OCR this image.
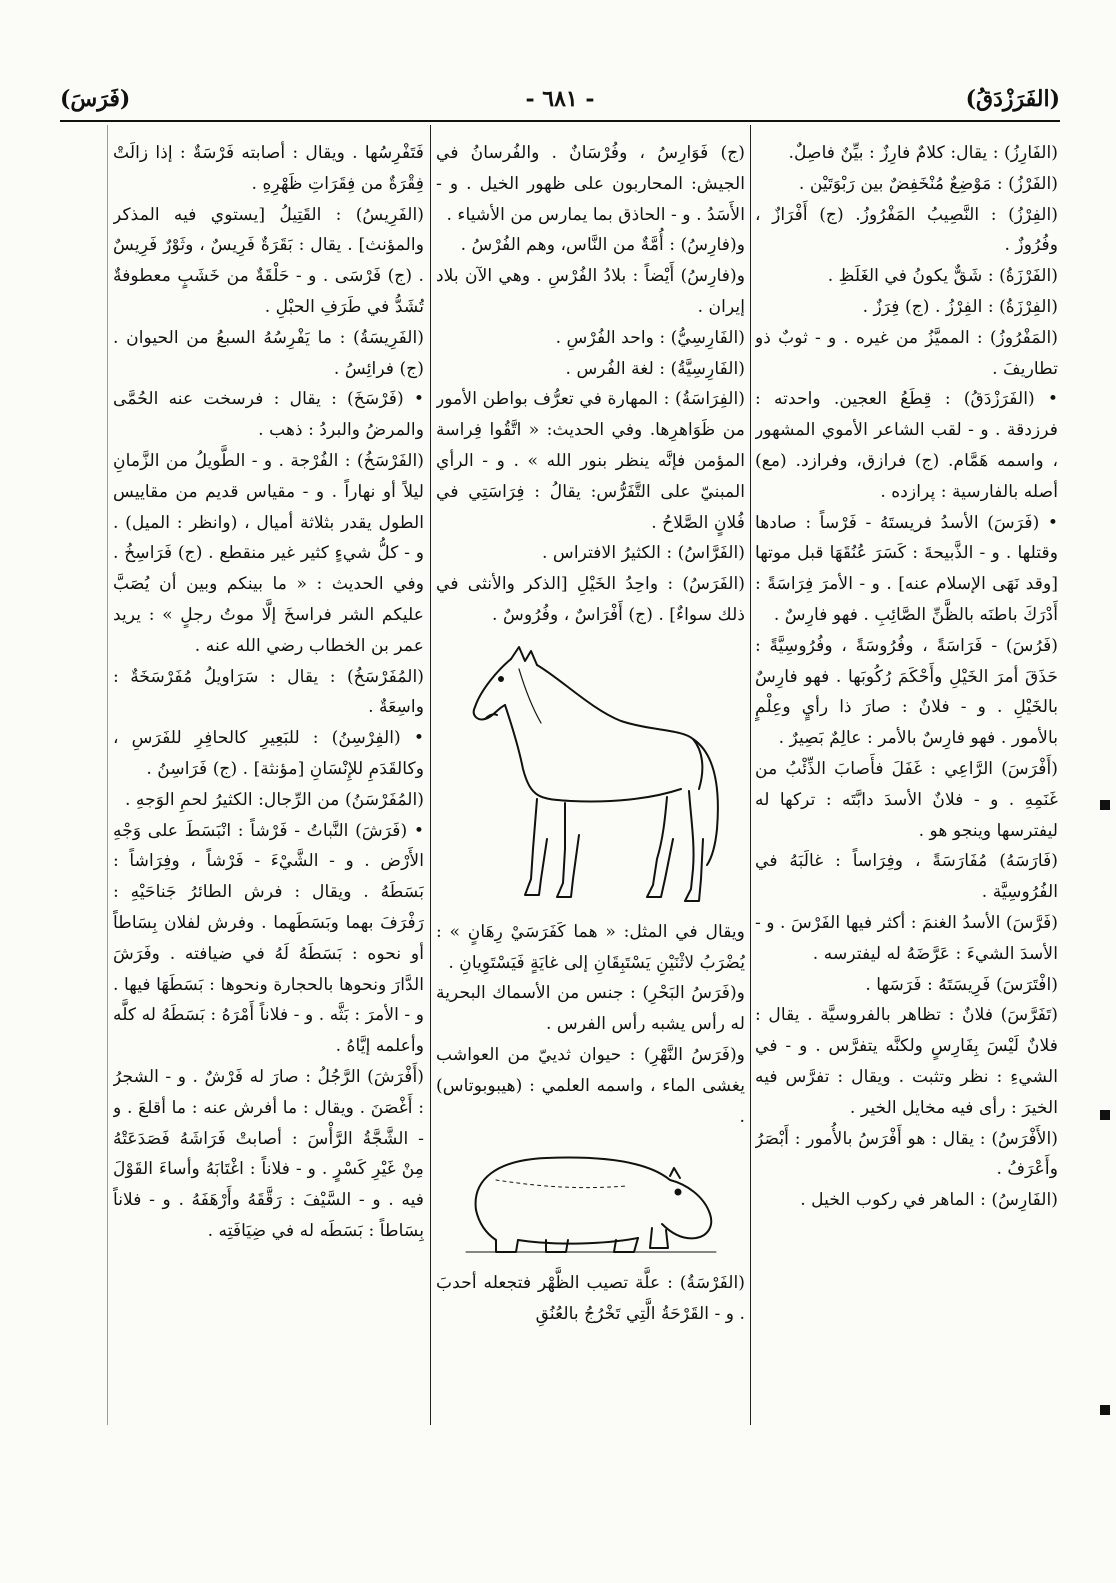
(الفَرَزْدَقُ)
- ٦٨١ -
(فَرَسَ)

(الفَارِزُ) : يقال: كلامٌ فارِزٌ : بيِّنٌ فاصِلٌ.

(الفَرْزُ) : مَوْضِعٌ مُنْخَفِضٌ بين رَبْوَتَيْن .

(الفِرْزُ) : النَّصِيبُ المَفْرُوزُ. (ج) أَفْرَازٌ ، وفُرُوزٌ .

(الفَرْزَةُ) : شَقٌّ يكونُ في الغَلَظِ .

(الفِرْزَةُ) : الفِرْزُ . (ج) فِرَزٌ .

(المَفْرُوزُ) : المميَّزُ من غيره . و - ثوبٌ ذو تطاريفَ .

• (الفَرَزْدَقُ) : قِطَعُ العجين. واحدته : فرزدقة . و - لقب الشاعر الأموي المشهور ، واسمه هَمَّام. (ج) فرازق، وفرازد. (مع) أصله بالفارسية : پرازده .

• (فَرَسَ) الأسدُ فريستَهُ - فَرْساً : صادها وقتلها . و - الذَّبيحةَ : كَسَرَ عُنُقَهَا قبل موتها [وقد نَهَى الإسلام عنه] . و - الأمرَ فِرَاسَةً : أَدْرَكَ باطنَه بالظَّنِّ الصَّائِبِ . فهو فارِسٌ .

(فَرُسَ) - فَرَاسَةً ، وفُرُوسَةً ، وفُرُوسِيَّةً : حَذَقَ أمرَ الخَيْلِ وأَحْكَمَ رُكُوبَها . فهو فارِسٌ بالخَيْلِ . و - فلانٌ : صارَ ذا رأيٍ وعِلْمٍ بالأمور . فهو فارِسٌ بالأمر : عالِمٌ بَصِيرٌ .

(أَفْرَسَ) الرَّاعِي : غَفَلَ فأَصابَ الذِّئْبُ من غَنَمِهِ . و - فلانٌ الأسدَ دابَّتَه : تركها له ليفترسها وينجو هو .

(فَارَسَهُ) مُفَارَسَةً ، وفِرَاساً : غالَبَهُ في الفُرُوسِيَّة .

(فَرَّسَ) الأسدُ الغنمَ : أكثر فيها الفَرْسَ . و - الأسدَ الشيءَ : عَرَّضَهُ له ليفترسه .

(افْتَرَسَ) فَرِيسَتَهُ : فَرَسَها .

(تَفَرَّسَ) فلانٌ : تظاهر بالفروسيَّة . يقال : فلانٌ لَيْسَ بِفَارِسٍ ولكنَّه يتفرَّس . و - في الشيءِ : نظر وتثبت . ويقال : تفرَّس فيه الخيرَ : رأى فيه مخايل الخير .

(الأَفْرَسُ) : يقال : هو أَفْرَسُ بالأُمور : أَبْصَرُ وأَعْرَفُ .

(الفَارِسُ) : الماهر في ركوب الخيل .

(ج) فَوَارِسُ ، وفُرْسَانٌ . والفُرسانُ في الجيش: المحاربون على ظهور الخيل . و - الأَسَدُ . و - الحاذق بما يمارس من الأشياء .

و(فارِسُ) : أُمَّةٌ من النَّاس، وهم الفُرْسُ .

و(فارِسُ) أَيْضاً : بلادُ الفُرْسِ . وهي الآن بلاد إيران .

(الفَارِسِيُّ) : واحد الفُرْسِ .

(الفَارِسِيَّةُ) : لغة الفُرس .

(الفِرَاسَةُ) : المهارة في تعرُّف بواطن الأمور من ظَوَاهرِها. وفي الحديث: « اتَّقُوا فِراسة المؤمن فإنَّه ينظر بنور الله » . و - الرأي المبنيّ على التَّفَرُّس: يقالُ : فِرَاسَتِي في فُلانٍ الصَّلاحُ .

(الفَرَّاسُ) : الكثيرُ الافتراس .

(الفَرَسُ) : واحِدُ الخَيْلِ [الذكر والأنثى في ذلك سواءٌ] . (ج) أَفْرَاسٌ ، وفُرُوسٌ .

ويقال في المثل: « هما كَفَرَسَيْ رِهَانٍ » : يُضْرَبُ لاثْنَيْنِ يَسْتَبِقَانِ إلى غايَةٍ فَيَسْتَوِيانِ .

و(فَرَسُ البَحْرِ) : جنس من الأسماك البحرية له رأس يشبه رأس الفرس .

و(فَرَسُ النَّهْرِ) : حيوان ثدييّ من العواشب يغشى الماء ، واسمه العلمي : (هيبوبوتاس) .

(الفَرْسَةُ) : علَّة تصيب الظَّهْر فتجعله أحدبَ . و - القَرْحَةُ الَّتِي تَخْرُجُ بالعُنُقِ

فَتَفْرِسُها . ويقال : أصابته فَرْسَةٌ : إذا زالَتْ فِقْرَةٌ من فِقَرَاتِ ظَهْرِهِ .

(الفَرِيسُ) : القَتِيلُ [يستوي فيه المذكر والمؤنث] . يقال : بَقَرَةٌ فَرِيسٌ ، وثَوْرٌ فَرِيسٌ . (ج) فَرْسَى . و - حَلْقَةٌ من خَشَبٍ معطوفةٌ تُشَدُّ في طَرَفِ الحبْلِ .

(الفَرِيسَةُ) : ما يَفْرِسُهُ السبعُ من الحيوان . (ج) فرائِسُ .

• (فَرْسَخَ) : يقال : فرسخت عنه الحُمَّى والمرضُ والبردُ : ذهب .

(الفَرْسَخُ) : الفُرْجة . و - الطَّويلُ من الزَّمانِ ليلاً أو نهاراً . و - مقياس قديم من مقاييس الطول يقدر بثلاثة أميال ، (وانظر : الميل) . و - كلُّ شيءٍ كثير غير منقطع . (ج) فَرَاسِخُ . وفي الحديث : « ما بينكم وبين أن يُصَبَّ عليكم الشر فراسخَ إلَّا موتُ رجلٍ » : يريد عمر بن الخطاب رضي الله عنه .

(المُفَرْسَخُ) : يقال : سَرَاويلُ مُفَرْسَخَةٌ : واسِعَةٌ .

• (الفِرْسِنُ) : للبَعِيرِ كالحافِرِ للفَرَسِ ، وكالقَدَمِ للإِنْسَانِ [مؤنثة] . (ج) فَرَاسِنُ .

(المُفَرْسَنُ) من الرِّجال: الكثيرُ لحمِ الوَجهِ .

• (فَرَشَ) النَّباتُ - فَرْشاً : انْبَسَطَ على وَجْهِ الأَرْض . و - الشَّيْءَ - فَرْشاً ، وفِرَاشاً : بَسَطَهُ . ويقال : فرش الطائرُ جَناحَيْهِ : رَفْرَفَ بهما وبَسَطَهما . وفرش لفلان بِسَاطاً أو نحوه : بَسَطَهُ لَهُ في ضيافته . وفَرَشَ الدَّارَ ونحوها بالحجارة ونحوها : بَسَطَهَا فيها . و - الأمرَ : بَثَّه . و - فلاناً أَمْرَهُ : بَسَطَهُ له كلَّه وأعلمه إيَّاهُ .

(أَفْرَشَ) الرَّجُلُ : صارَ له فَرْشٌ . و - الشجرُ : أَغْصَنَ . ويقال : ما أفرش عنه : ما أقلعَ . و - الشَّجَّةُ الرَّأْسَ : أصابتْ فَرَاشَهُ فَصَدَعَتْهُ مِنْ غَيْرِ كَسْرٍ . و - فلاناً : اغْتَابَهُ وأساءَ القَوْلَ فيه . و - السَّيْفَ : رَقَّقَهُ وأَرْهَفَهُ . و - فلاناً بِسَاطاً : بَسَطَه له في ضِيَافَتِه .
